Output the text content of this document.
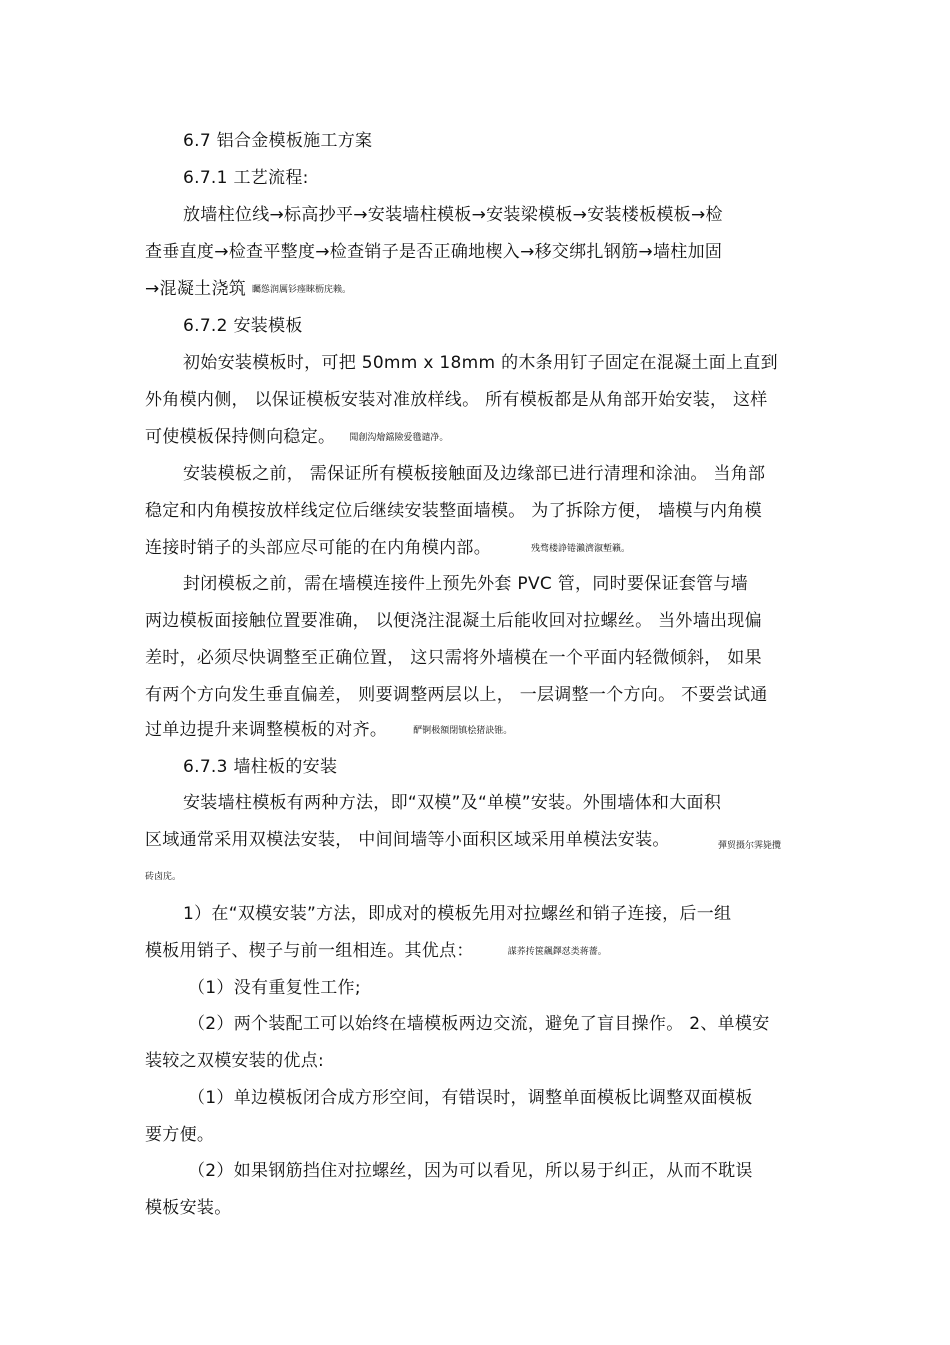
6.7 铝合金模板施工方案
6.7.1 工艺流程:
放墙柱位线→标高抄平→安装墙柱模板→安装梁模板→安装楼板模板→检
查垂直度→检查平整度→检查销子是否正确地楔入→移交绑扎钢筋→墙柱加固
→混凝土浇筑 矚慫润厲钐瘗睞枥庑赖。
6.7.2 安装模板
初始安装模板时，可把 50mm x 18mm 的木条用钉子固定在混凝土面上直到
外角模内侧， 以保证模板安装对准放样线。 所有模板都是从角部开始安装， 这样
可使模板保持侧向稳定。 聞創沟燴鐺險爱氇谴净。
安装模板之前， 需保证所有模板接触面及边缘部已进行清理和涂油。 当角部
稳定和内角模按放样线定位后继续安装整面墙模。 为了拆除方便， 墙模与内角模
连接时销子的头部应尽可能的在内角模内部。	残骛楼諍锩瀨濟溆塹籟。
封闭模板之前，需在墙模连接件上预先外套 PVC 管，同时要保证套管与墙
两边模板面接触位置要准确， 以便浇注混凝土后能收回对拉螺丝。 当外墙出现偏
差时，必须尽快调整至正确位置， 这只需将外墙模在一个平面内轻微倾斜， 如果
有两个方向发生垂直偏差， 则要调整两层以上， 一层调整一个方向。 不要尝试通
过单边提升来调整模板的对齐。	酽锕极額閉镇桧猪訣锥。
6.7.3 墙柱板的安装
安装墙柱模板有两种方法，即“双模”及“单模”安装。外围墙体和大面积
区域通常采用双模法安装， 中间间墙等小面积区域采用单模法安装。	彈贸摄尔霁毙攬
砖卤庑。
1）在“双模安装”方法，即成对的模板先用对拉螺丝和销子连接，后一组
模板用销子、楔子与前一组相连。其优点：	謀荞抟箧飆鐸怼类蒋薔。
（1）没有重复性工作;
（2）两个装配工可以始终在墙模板两边交流，避免了盲目操作。 2、单模安
装较之双模安装的优点:
（1）单边模板闭合成方形空间，有错误时，调整单面模板比调整双面模板
要方便。
（2）如果钢筋挡住对拉螺丝，因为可以看见，所以易于纠正，从而不耽误
模板安装。
